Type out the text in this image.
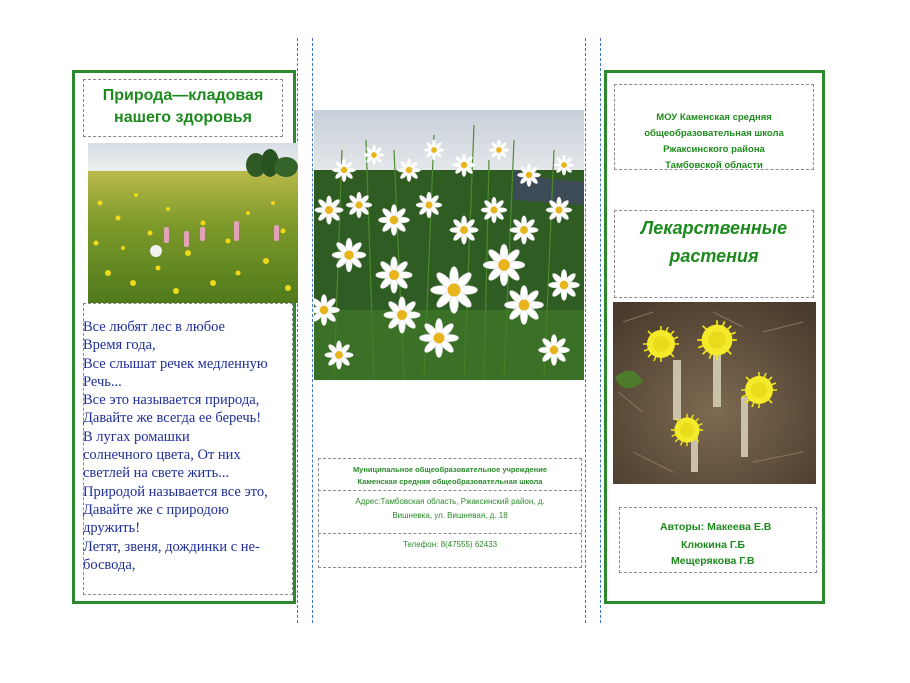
Природа—кладовая
нашего здоровья
Все любят лес в любое
Время года,
Все слышат речек медленную
Речь...
Все это называется природа,
Давайте же всегда ее беречь!
В лугах ромашки
солнечного цвета, От них
светлей на свете жить...
Природой называется все это,
Давайте же с природою
дружить!
Летят, звеня, дождинки с не-
босвода,
Муниципальное общеобразовательное учреждение
Каменская средняя общеобразовательная школа
Адрес:Тамбовская область, Ржаксинский район, д.
Вишневка, ул. Вишневая, д. 18
Телефон: 8(47555) 62433
МОУ Каменская средняя
общеобразовательная школа
Ржаксинского района
Тамбовской области
Лекарственные
растения
Авторы: Макеева Е.В
Клюкина Г.Б
Мещерякова Г.В
